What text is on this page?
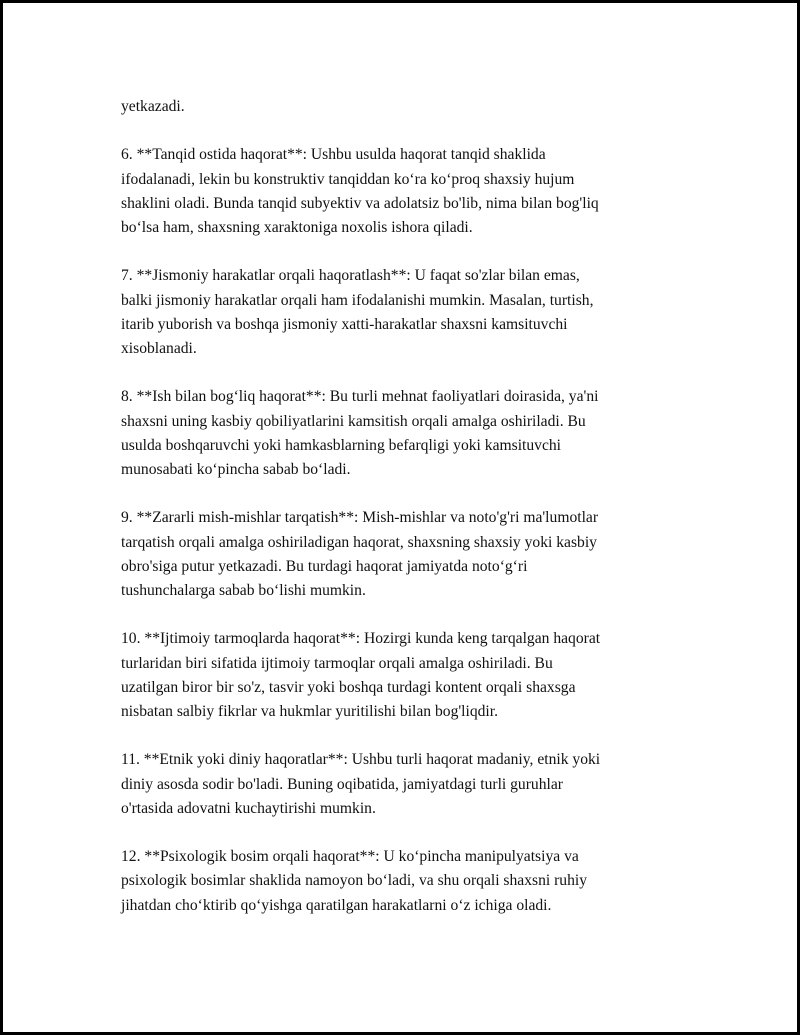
yetkazadi.

6. **Tanqid ostida haqorat**: Ushbu usulda haqorat tanqid shaklida
ifodalanadi, lekin bu konstruktiv tanqiddan ko‘ra ko‘proq shaxsiy hujum
shaklini oladi. Bunda tanqid subyektiv va adolatsiz bo'lib, nima bilan bog'liq
bo‘lsa ham, shaxsning xaraktoniga noxolis ishora qiladi.

7. **Jismoniy harakatlar orqali haqoratlash**: U faqat so'zlar bilan emas,
balki jismoniy harakatlar orqali ham ifodalanishi mumkin. Masalan, turtish,
itarib yuborish va boshqa jismoniy xatti-harakatlar shaxsni kamsituvchi
xisoblanadi.

8. **Ish bilan bog‘liq haqorat**: Bu turli mehnat faoliyatlari doirasida, ya'ni
shaxsni uning kasbiy qobiliyatlarini kamsitish orqali amalga oshiriladi. Bu
usulda boshqaruvchi yoki hamkasblarning befarqligi yoki kamsituvchi
munosabati ko‘pincha sabab bo‘ladi.

9. **Zararli mish-mishlar tarqatish**: Mish-mishlar va noto'g'ri ma'lumotlar
tarqatish orqali amalga oshiriladigan haqorat, shaxsning shaxsiy yoki kasbiy
obro'siga putur yetkazadi. Bu turdagi haqorat jamiyatda noto‘g‘ri
tushunchalarga sabab bo‘lishi mumkin.

10. **Ijtimoiy tarmoqlarda haqorat**: Hozirgi kunda keng tarqalgan haqorat
turlaridan biri sifatida ijtimoiy tarmoqlar orqali amalga oshiriladi. Bu
uzatilgan biror bir so'z, tasvir yoki boshqa turdagi kontent orqali shaxsga
nisbatan salbiy fikrlar va hukmlar yuritilishi bilan bog'liqdir.

11. **Etnik yoki diniy haqoratlar**: Ushbu turli haqorat madaniy, etnik yoki
diniy asosda sodir bo'ladi. Buning oqibatida, jamiyatdagi turli guruhlar
o'rtasida adovatni kuchaytirishi mumkin.

12. **Psixologik bosim orqali haqorat**: U ko‘pincha manipulyatsiya va
psixologik bosimlar shaklida namoyon bo‘ladi, va shu orqali shaxsni ruhiy
jihatdan cho‘ktirib qo‘yishga qaratilgan harakatlarni o‘z ichiga oladi.
